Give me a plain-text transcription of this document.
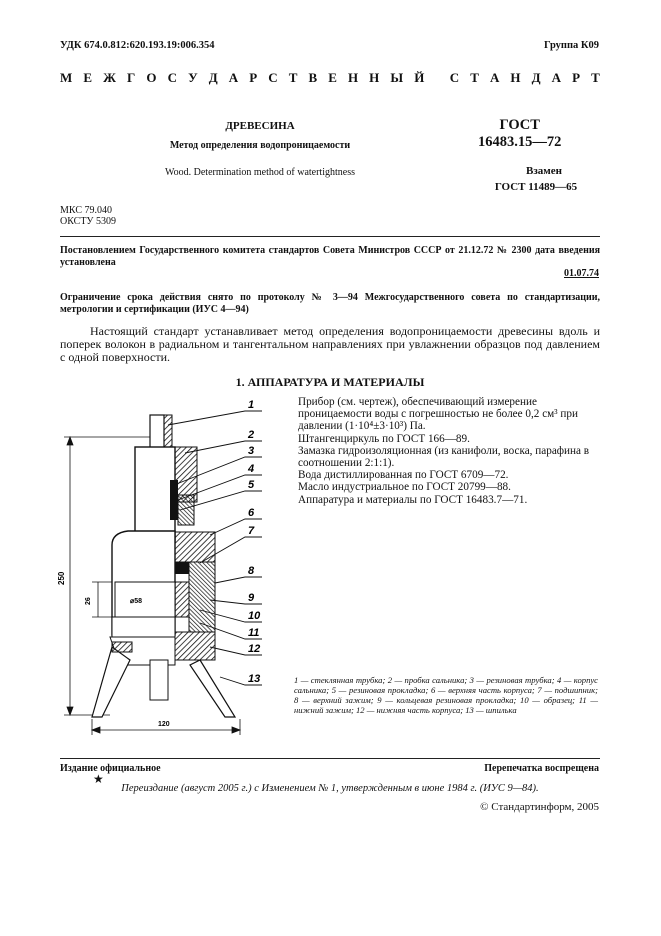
УДК 674.0.812:620.193.19:006.354	Группа К09
М Е Ж Г О С У Д А Р С Т В Е Н Н Ы Й
С Т А Н Д А Р Т
ДРЕВЕСИНА
Метод определения водопроницаемости
Wood. Determination method of watertightness
ГОСТ
16483.15—72
Взамен
ГОСТ 11489—65
МКС 79.040
ОКСТУ 5309
Постановлением Государственного комитета стандартов Совета Министров СССР от 21.12.72 № 2300 дата введения установлена
01.07.74
Ограничение срока действия снято по протоколу № 3—94 Межгосударственного совета по стандартизации, метрологии и сертификации (ИУС 4—94)
Настоящий стандарт устанавливает метод определения водопроницаемости древесины вдоль и поперек волокон в радиальном и тангентальном направлениях при увлажнении образцов под давлением с одной поверхности.
1. АППАРАТУРА И МАТЕРИАЛЫ

Прибор (см. чертеж), обеспечивающий измерение проницаемости воды с погрешностью не более 0,2 см³ при давлении (1·10⁴±3·10³) Па.

Штангенциркуль по ГОСТ 166—89.

Замазка гидроизоляционная (из канифоли, воска, парафина в соотношении 2:1:1).

Вода дистиллированная по ГОСТ 6709—72.

Масло индустриальное по ГОСТ 20799—88.

Аппаратура и материалы по ГОСТ 16483.7—71.

250
26	⌀58
120
1
2
3
4
5
6
7
8
9
10
11
12
13	1 — стеклянная трубка; 2 — пробка сальника; 3 — резиновая трубка; 4 — корпус сальника; 5 — резиновая прокладка; 6 — верхняя часть корпуса; 7 — подшипник; 8 — верхний зажим; 9 — кольцевая резиновая прокладка; 10 — образец; 11 — нижний зажим; 12 — нижняя часть корпуса; 13 — шпилька
Издание официальное
★
Перепечатка воспрещена
Переиздание (август 2005 г.) с Изменением № 1, утвержденным в июне 1984 г. (ИУС 9—84).
© Стандартинформ, 2005
